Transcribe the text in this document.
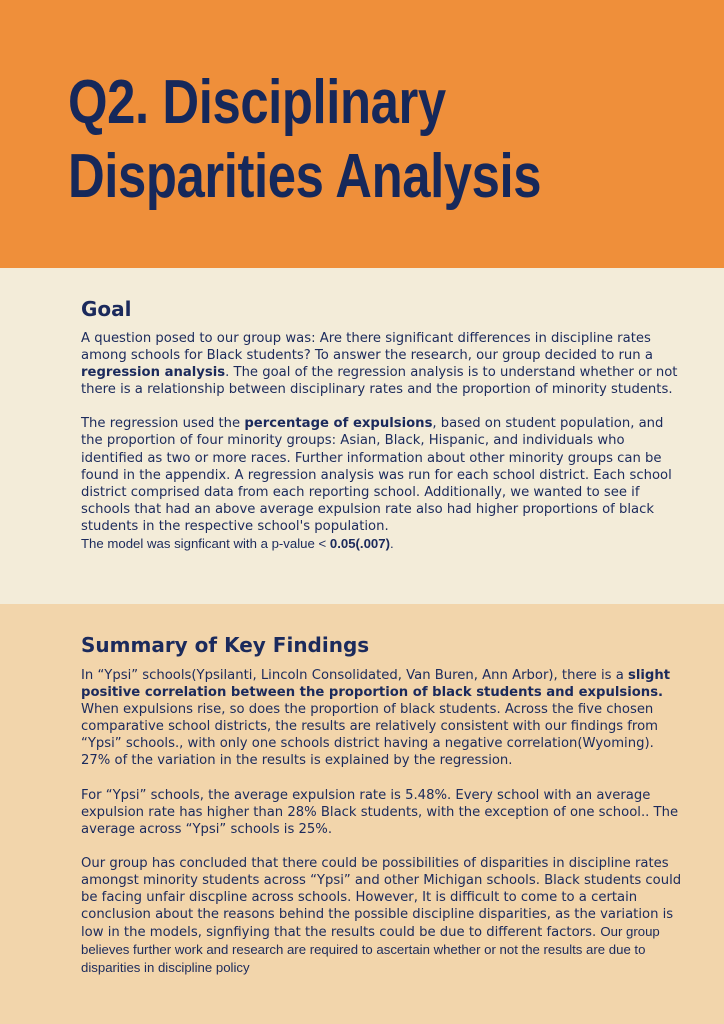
Q2. Disciplinary
Disparities Analysis
Goal

A question posed to our group was: Are there significant differences in discipline rates among schools for Black students? To answer the research, our group decided to run a regression analysis. The goal of the regression analysis is to understand whether or not there is a relationship between disciplinary rates and the proportion of minority students.

The regression used the percentage of expulsions, based on student population, and the proportion of four minority groups: Asian, Black, Hispanic, and individuals who identified as two or more races. Further information about other minority groups can be found in the appendix. A regression analysis was run for each school district. Each school district comprised data from each reporting school. Additionally, we wanted to see if schools that had an above average expulsion rate also had higher proportions of black students in the respective school's population. The model was signficant with a p-value < 0.05(.007).

Summary of Key Findings

In “Ypsi” schools(Ypsilanti, Lincoln Consolidated, Van Buren, Ann Arbor), there is a slight positive correlation between the proportion of black students and expulsions. When expulsions rise, so does the proportion of black students. Across the five chosen comparative school districts, the results are relatively consistent with our findings from “Ypsi” schools., with only one schools district having a negative correlation(Wyoming). 27% of the variation in the results is explained by the regression.

For “Ypsi” schools, the average expulsion rate is 5.48%. Every school with an average expulsion rate has higher than 28% Black students, with the exception of one school.. The average across “Ypsi” schools is 25%.

Our group has concluded that there could be possibilities of disparities in discipline rates amongst minority students across “Ypsi” and other Michigan schools. Black students could be facing unfair discpline across schools. However, It is difficult to come to a certain conclusion about the reasons behind the possible discipline disparities, as the variation is low in the models, signfiying that the results could be due to different factors. Our group believes further work and research are required to ascertain whether or not the results are due to disparities in discipline policy
